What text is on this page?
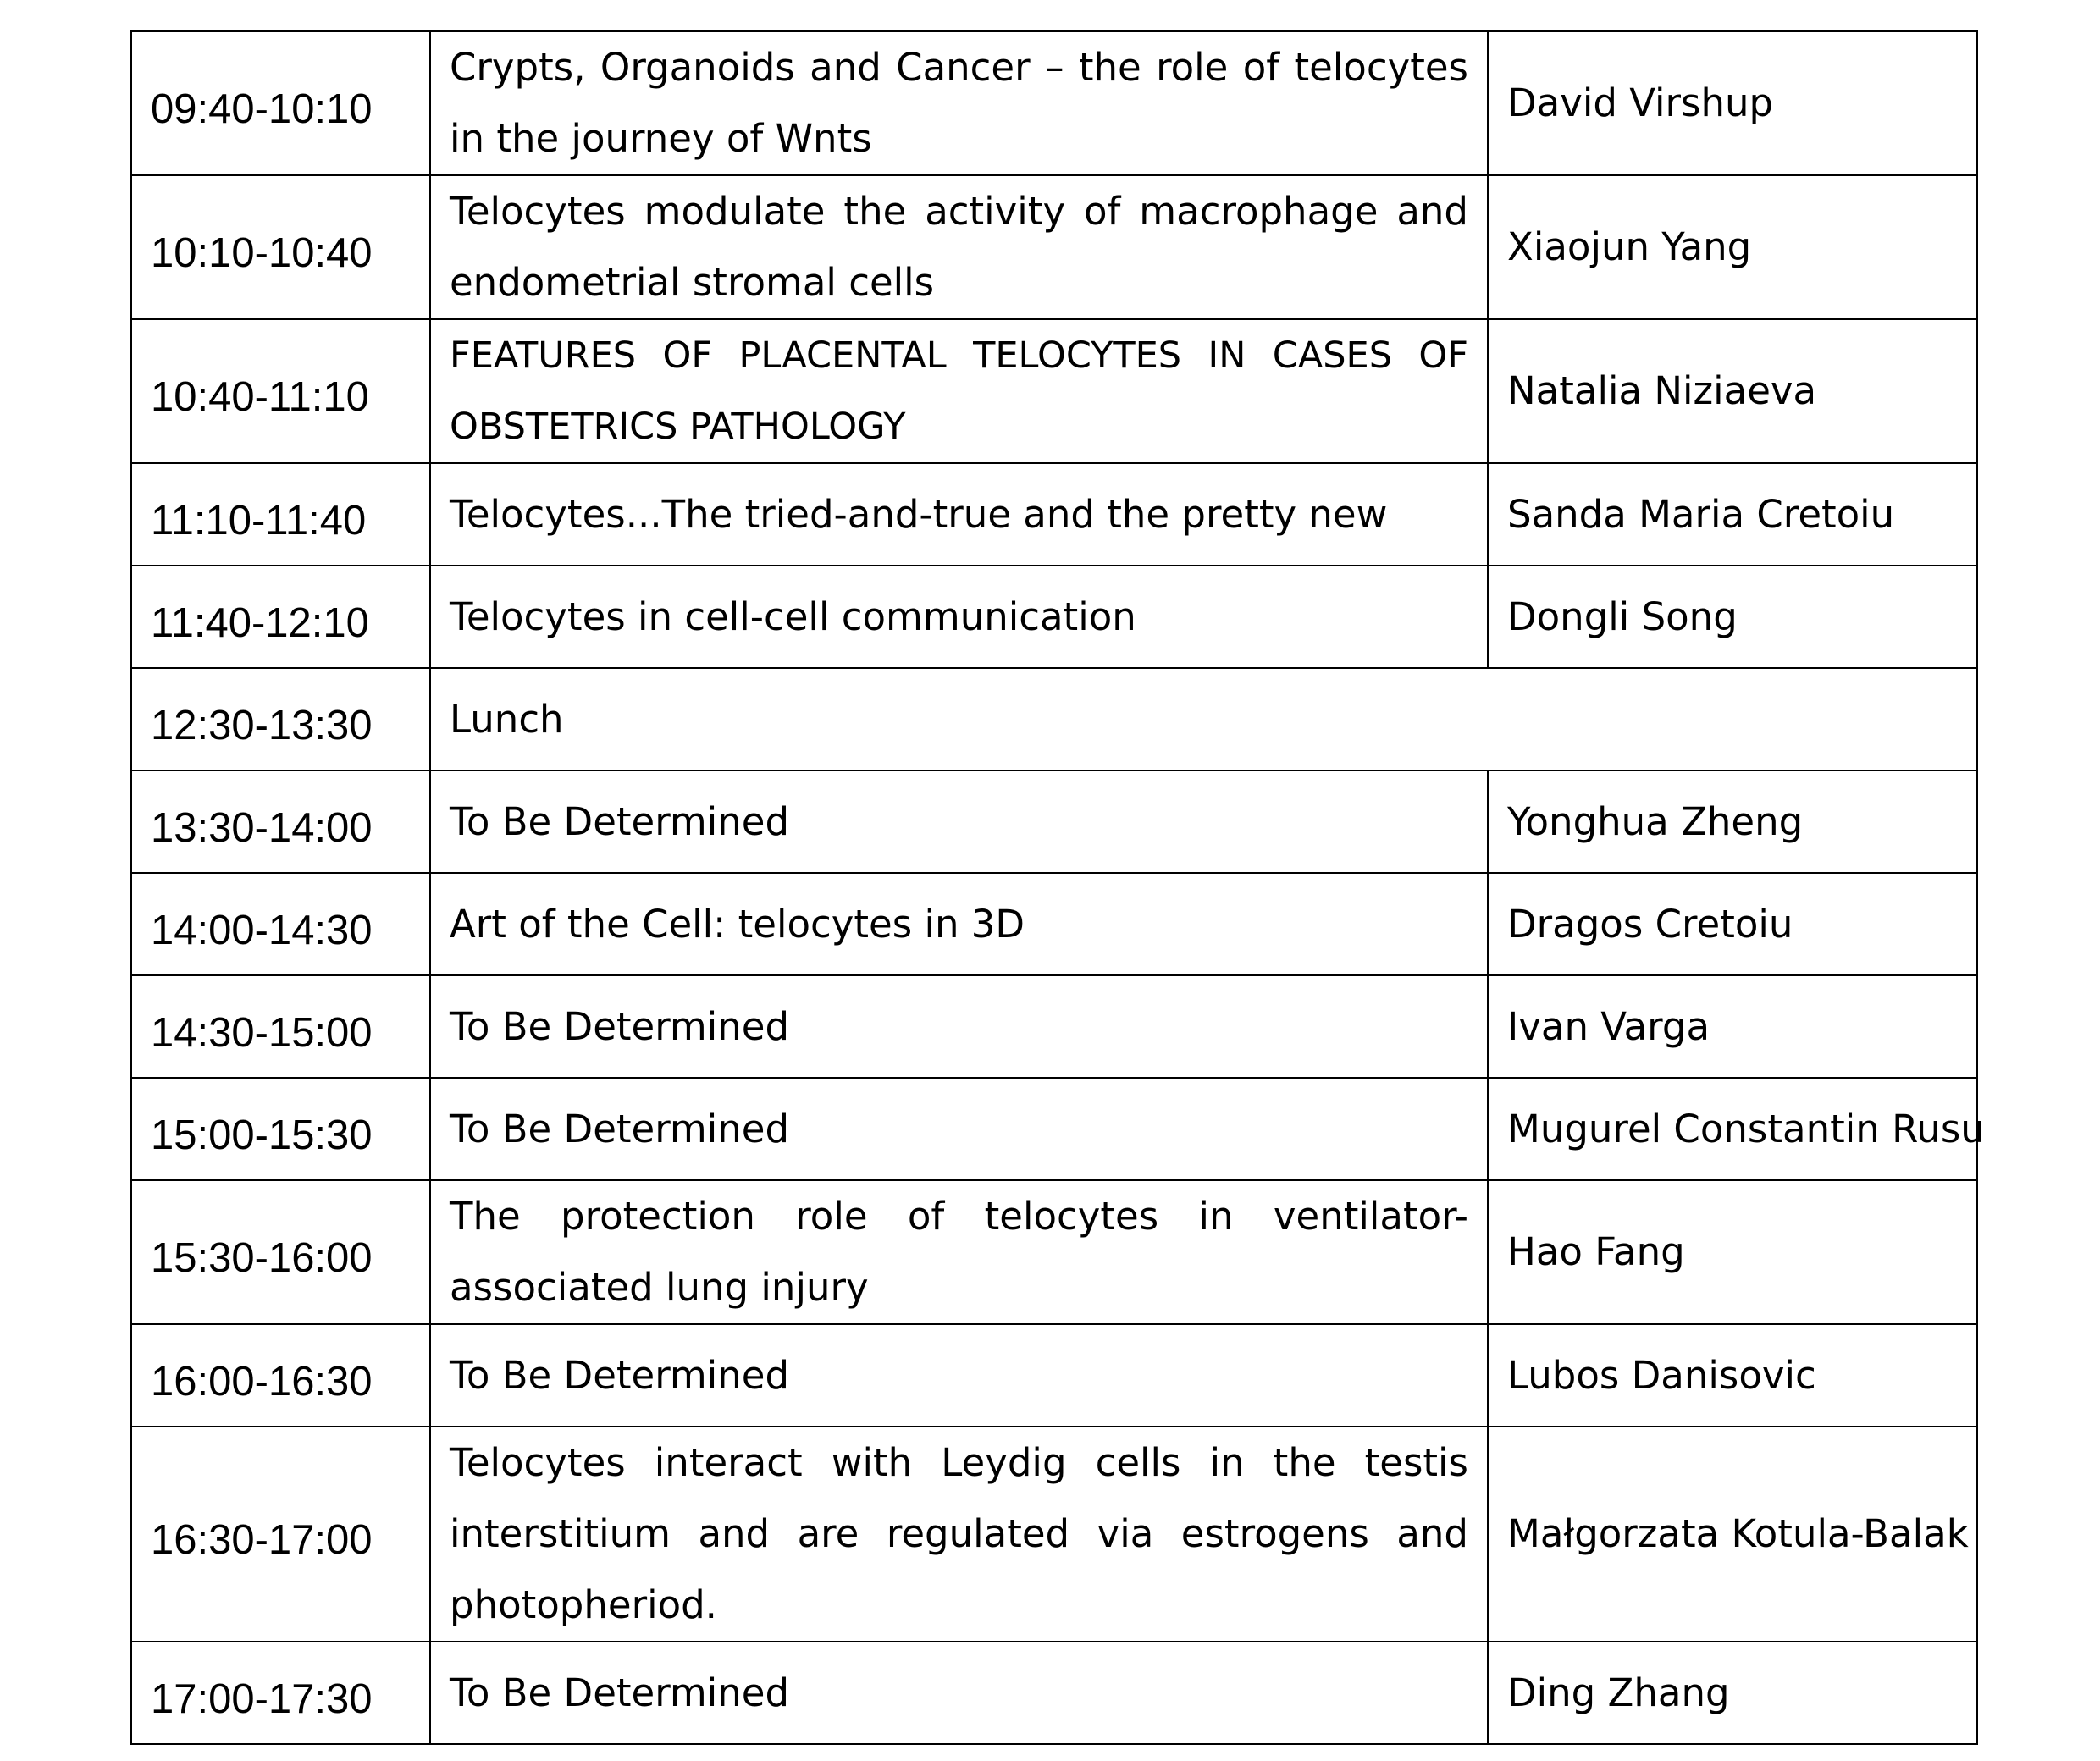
09:40-10:10	Crypts, Organoids and Cancer – the role of telocytes in the journey of Wnts	David Virshup
10:10-10:40	Telocytes modulate the activity of macrophage and endometrial stromal cells	Xiaojun Yang
10:40-11:10	FEATURES OF PLACENTAL TELOCYTES IN CASES OF OBSTETRICS PATHOLOGY	Natalia Niziaeva
11:10-11:40	Telocytes...The tried-and-true and the pretty new	Sanda Maria Cretoiu
11:40-12:10	Telocytes in cell-cell communication	Dongli Song
12:30-13:30	Lunch	
13:30-14:00	To Be Determined	Yonghua Zheng
14:00-14:30	Art of the Cell: telocytes in 3D	Dragos Cretoiu
14:30-15:00	To Be Determined	Ivan Varga
15:00-15:30	To Be Determined	Mugurel Constantin Rusu
15:30-16:00	The protection role of telocytes in ventilator-associated lung injury	Hao Fang
16:00-16:30	To Be Determined	Lubos Danisovic
16:30-17:00	Telocytes interact with Leydig cells in the testis interstitium and are regulated via estrogens and photopheriod.	Małgorzata Kotula-Balak
17:00-17:30	To Be Determined	Ding Zhang
